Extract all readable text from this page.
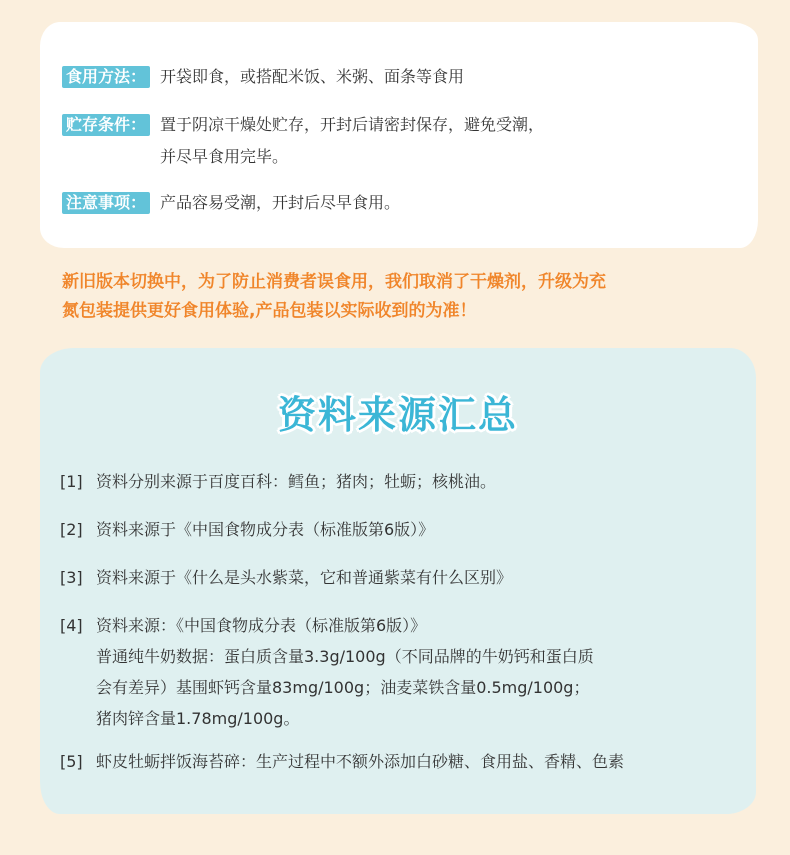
食用方法： 开袋即食，或搭配米饭、米粥、面条等食用
贮存条件： 置于阴凉干燥处贮存，开封后请密封保存，避免受潮，
并尽早食用完毕。
注意事项： 产品容易受潮，开封后尽早食用。
新旧版本切换中，为了防止消费者误食用，我们取消了干燥剂，升级为充
氮包装提供更好食用体验,产品包装以实际收到的为准！
资料来源汇总
[1] 资料分别来源于百度百科：鳕鱼；猪肉；牡蛎；核桃油。
[2] 资料来源于《中国食物成分表（标准版第6版）》
[3] 资料来源于《什么是头水紫菜，它和普通紫菜有什么区别》
[4] 资料来源：《中国食物成分表（标准版第6版）》
普通纯牛奶数据：蛋白质含量3.3g/100g（不同品牌的牛奶钙和蛋白质
会有差异）基围虾钙含量83mg/100g；油麦菜铁含量0.5mg/100g；
猪肉锌含量1.78mg/100g。
[5] 虾皮牡蛎拌饭海苔碎：生产过程中不额外添加白砂糖、食用盐、香精、色素
